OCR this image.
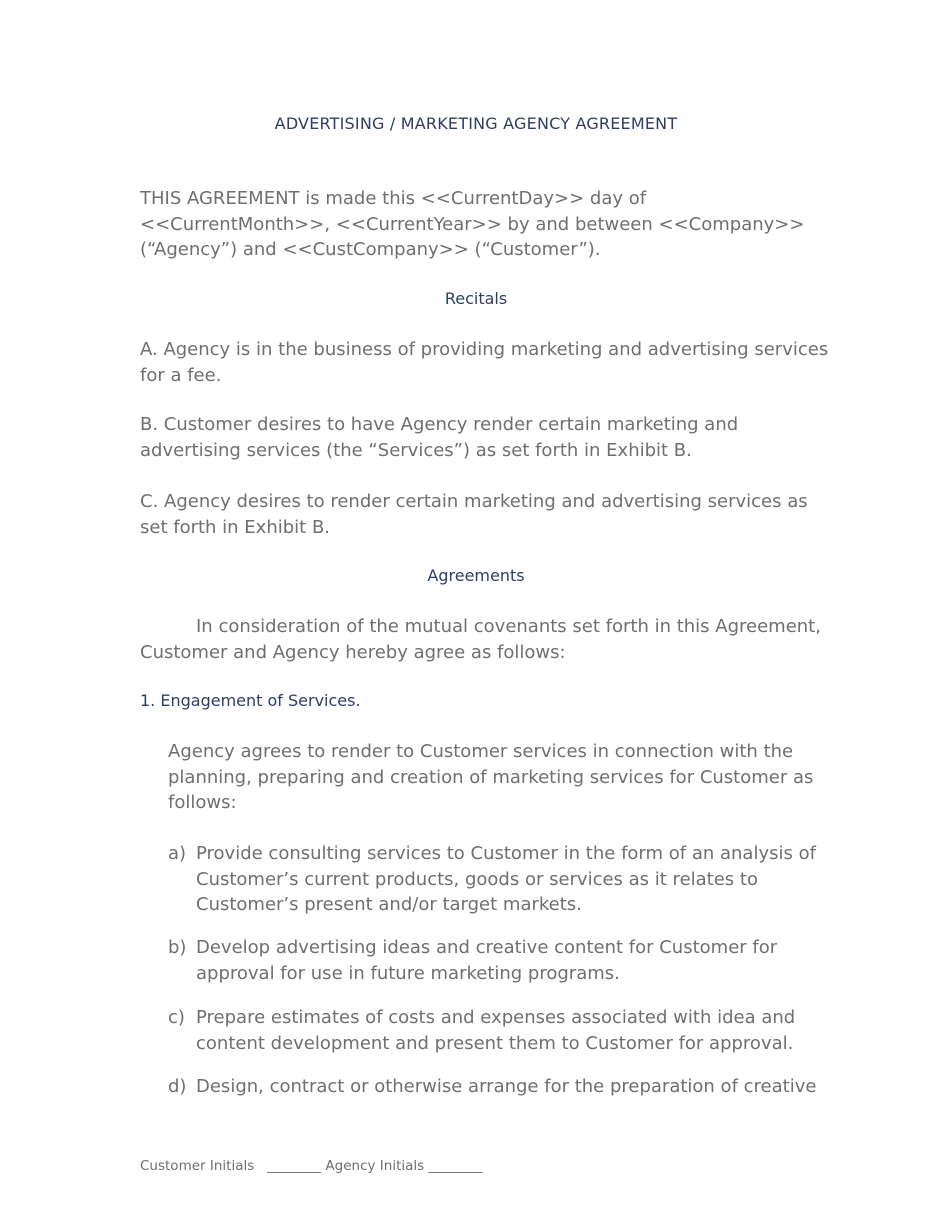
ADVERTISING / MARKETING AGENCY AGREEMENT

THIS AGREEMENT is made this <<CurrentDay>> day of <<CurrentMonth>>, <<CurrentYear>> by and between <<Company>> (“Agency”) and <<CustCompany>> (“Customer”).

Recitals

A. Agency is in the business of providing marketing and advertising services for a fee.

B. Customer desires to have Agency render certain marketing and advertising services (the “Services”) as set forth in Exhibit B.

C. Agency desires to render certain marketing and advertising services as set forth in Exhibit B.

Agreements

In consideration of the mutual covenants set forth in this Agreement, Customer and Agency hereby agree as follows:

1. Engagement of Services.

Agency agrees to render to Customer services in connection with the planning, preparing and creation of marketing services for Customer as follows:

a) Provide consulting services to Customer in the form of an analysis of Customer’s current products, goods or services as it relates to Customer’s present and/or target markets.
b) Develop advertising ideas and creative content for Customer for approval for use in future marketing programs.
c) Prepare estimates of costs and expenses associated with idea and content development and present them to Customer for approval.
d) Design, contract or otherwise arrange for the preparation of creative

Customer Initials   ________ Agency Initials ________
